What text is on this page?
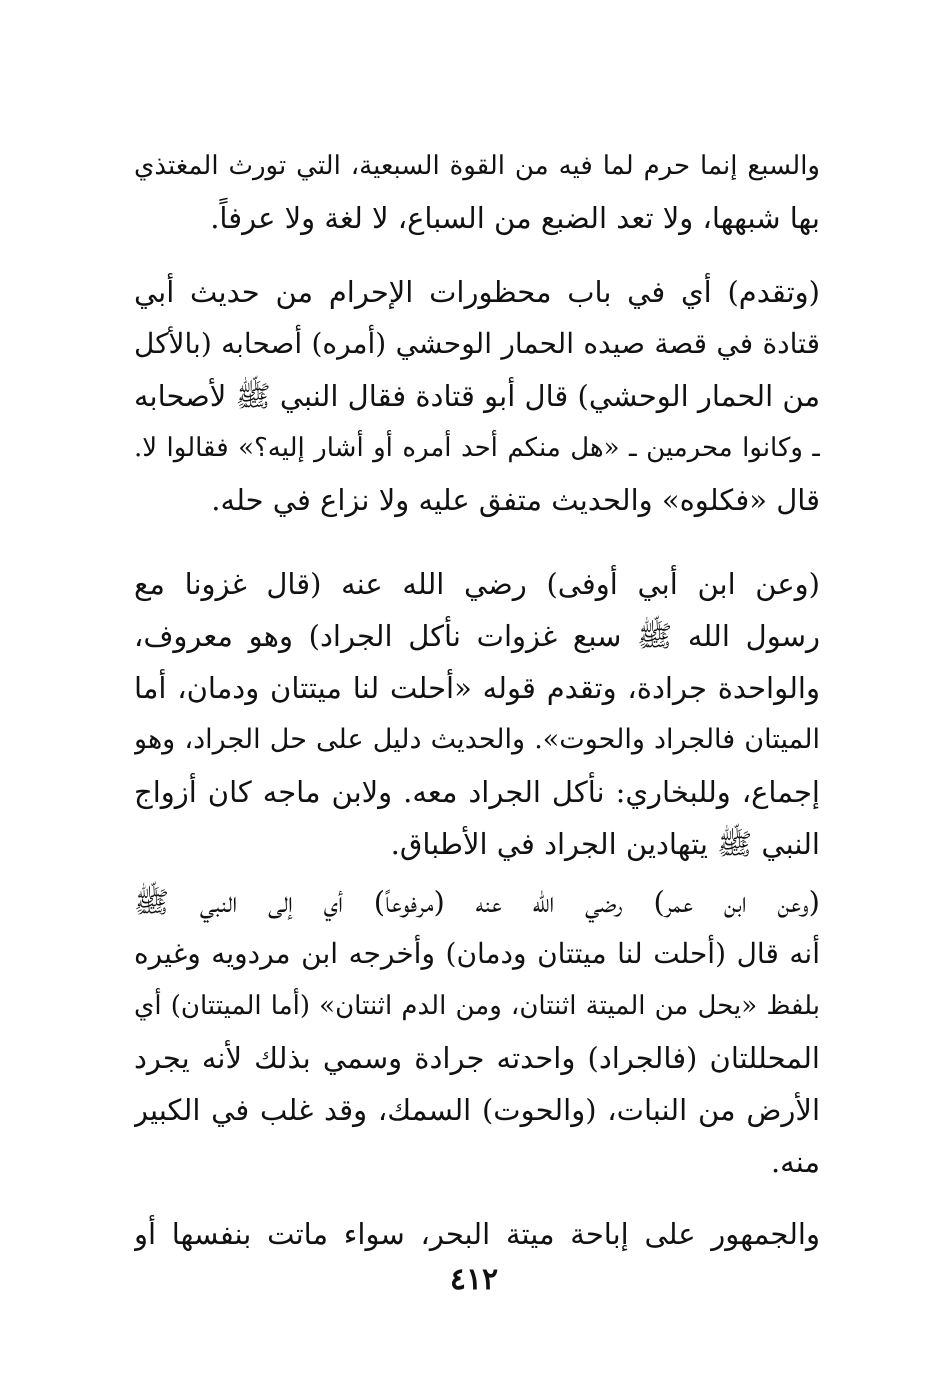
والسبع إنما حرم لما فيه من القوة السبعية، التي تورث المغتذي
بها شبهها، ولا تعد الضبع من السباع، لا لغة ولا عرفاً.
(وتقدم) أي في باب محظورات الإحرام من حديث أبي
قتادة في قصة صيده الحمار الوحشي (أمره) أصحابه (بالأكل
من الحمار الوحشي) قال أبو قتادة فقال النبي ﷺ لأصحابه
ـ وكانوا محرمين ـ «هل منكم أحد أمره أو أشار إليه؟» فقالوا لا.
قال «فكلوه» والحديث متفق عليه ولا نزاع في حله.
(وعن ابن أبي أوفى) رضي الله عنه (قال غزونا مع
رسول الله ﷺ سبع غزوات نأكل الجراد) وهو معروف،
والواحدة جرادة، وتقدم قوله «أحلت لنا ميتتان ودمان، أما
الميتان فالجراد والحوت». والحديث دليل على حل الجراد، وهو
إجماع، وللبخاري: نأكل الجراد معه. ولابن ماجه كان أزواج
النبي ﷺ يتهادين الجراد في الأطباق.
(وعن ابن عمر) رضي الله عنه (مرفوعاً) أي إلى النبي ﷺ
أنه قال (أحلت لنا ميتتان ودمان) وأخرجه ابن مردويه وغيره
بلفظ «يحل من الميتة اثنتان، ومن الدم اثنتان» (أما الميتتان) أي
المحللتان (فالجراد) واحدته جرادة وسمي بذلك لأنه يجرد
الأرض من النبات، (والحوت) السمك، وقد غلب في الكبير
منه.
والجمهور على إباحة ميتة البحر، سواء ماتت بنفسها أو
٤١٢
